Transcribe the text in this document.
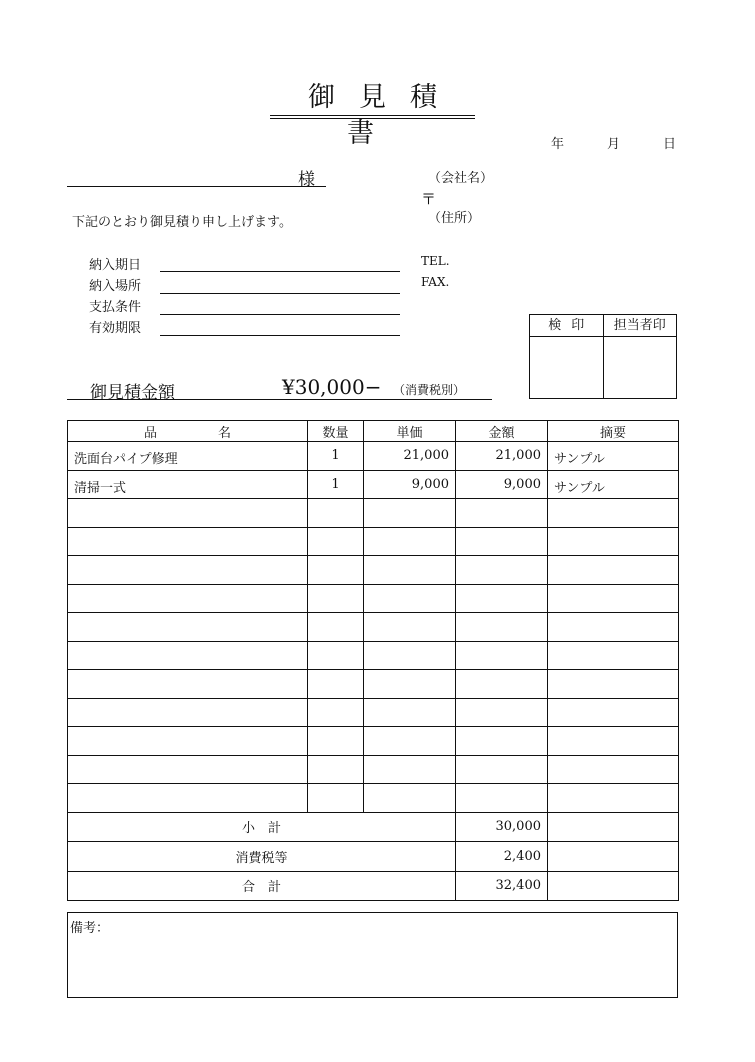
御見積書	年	月	日
様	（会社名）
〒
（住所）
下記のとおり御見積り申し上げます。
納入期日
納入場所
支払条件
有効期限
TEL.
FAX.
検印	担当者印
御見積金額	¥30,000− （消費税別）
品　名	数量	単価	金額	摘要
洗面台パイプ修理	1	21,000	21,000	サンプル
清掃一式	1	9,000	9,000	サンプル

小　計			30,000	
消費税等			2,400	
合　計			32,400	
備考：
